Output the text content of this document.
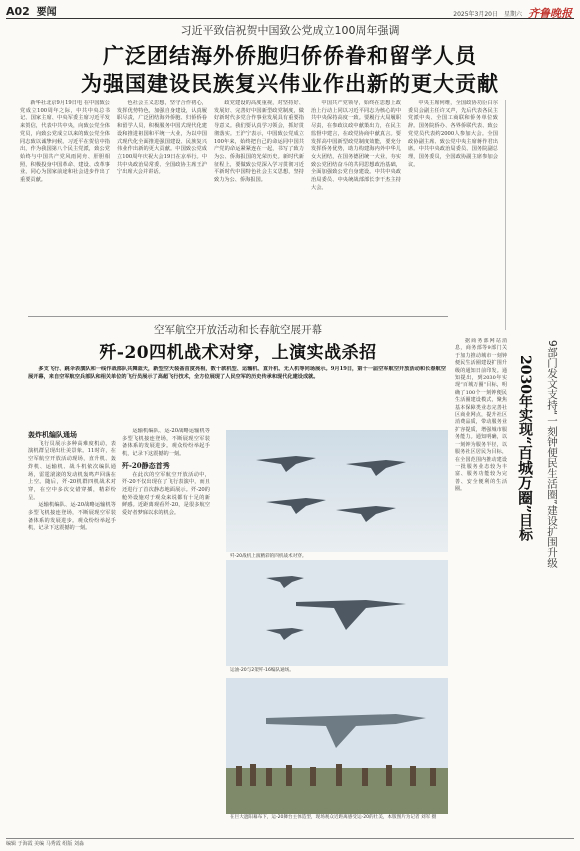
A02 要闻	2025年3月20日 星期六 齐鲁晚报
习近平致信祝贺中国致公党成立100周年强调
广泛团结海外侨胞归侨侨眷和留学人员
为强国建设民族复兴伟业作出新的更大贡献

新华社北京9月19日电 在中国致公党成立100周年之际，中共中央总书记、国家主席、中央军委主席习近平发来贺信，代表中共中央，向致公党全体党员，向致公党成立以来的致公党全体同志致以诚挚问候。习近平在贺信中指出，作为我国第八个民主党派，致公党始终与中国共产党风雨同舟、肝胆相照，积极投身中国革命、建设、改革事业，同心为国家前途和社会进步作出了重要贡献。

色社会主义思想，坚守合作初心，发挥优势特色，加强自身建设，认真履职尽责，广泛团结海外侨胞、归侨侨眷和留学人员，积极服务中国式现代化建设和推进祖国和平统一大业，为以中国式现代化全面推进强国建设、民族复兴伟业作出新的更大贡献。中国致公党成立100周年庆祝大会19日在京举行。中共中央政治局常委、全国政协主席王沪宁出席大会并讲话。

政党建设的高度重视，对坚持好、发展好、完善好中国新型政党制度，做好新时代多党合作事业发展具有重要指导意义。我们要认真学习领会，抓好贯彻落实。王沪宁表示，中国致公党成立100年来，始终把自己的命运同中国共产党的命运紧紧连在一起，书写了致力为公、侨海报国的光荣历史。新时代新征程上，要做致公党深入学习贯彻习近平新时代中国特色社会主义思想，坚持致力为公、侨海报国。

中国共产党领导，始终在思想上政治上行动上同以习近平同志为核心的中共中央保持高度一致。要履行大局履职尽责，在参政议政中献策出力，在民主监督中建言，在政党协商中献真言。要发挥高中国新型政党制度效能，要充分发挥侨务优势，助力构建海内外中华儿女大团结，在国务德团统一大业，夯实致公党团结奋斗的共同思想政治基础，全面加强致公党自身建设。中共中央政治局委员、中央统战部部长李干杰主持大会。

中央主席何维，全国政协功臣白尔委员会副主任许又声，先后代表各民主党派中央、全国工商联和侨务单位致辞。国务院侨办、各界侨联代表、致公党党员代表约2000人参加大会。全国政协副主席、致公党中央主席蒋作君出席。中共中央政治局委员、国务院副总理，国务委员，全国政协副主席参加会议。

9部门发文支持“一刻钟便民生活圈”建设扩围升级
2030年实现“百城万圈”目标

据商务部网站消息，商务部等9部门关于加力推动城市一刻钟便民生活圈建设扩围升级的通知日前印发。通知提出，到2030年实现“百城万圈”目标，明确了100个一刻钟便民生活圈建设模式，聚焦基本保障类业态完善社区商业网点，提升社区消费品质，带动服务业扩容提质，增强城市服务能力。通知明确，以一刻钟为服务半径，以服务社区居民为目标，在全国范围内推动建设一批服务业态较为丰富、服务功能较为完善、安全便利的生活圈。

空军航空开放活动和长春航空展开幕
歼-20四机战术对穿，上演实战杀招

多支飞行、跳伞表演队和一线作战部队共舞蓝天，新型空天装备首度亮相，数十款机型、运输机、直升机、无人机等同场展示。9月19日，第十一届空军航空开放活动和长春航空展开幕，来自空军航空兵部队和相关单位的飞行员展示了高超飞行技术，全方位展现了人民空军的历史传承和现代化建设成就。

轰炸机编队通场

飞行员展示多种高难度机动，表演机群呈现出壮美景象。11时许，在空军航空开放活动现场，直升机、轰炸机、运输机、战斗机依次编队通场，雷霆滚滚的发动机轰鸣声回荡在上空。随后，歼-20机群四机战术对穿，在空中多次交错穿插，精彩纷呈。

运输机编队、运-20战略运输机等多型飞机接连登场，不断展现空军装备体系的发展进步。观众纷纷举起手机，记录下这震撼的一刻。

运输机编队、运-20战略运输机等多型飞机接连登场，不断展现空军装备体系的发展进步。观众纷纷举起手机，记录下这震撼的一刻。

歼-20静态首秀

在此次的空军航空开放活动中，歼-20不仅出现在了飞行表演中，而且还进行了首次静态地面展示。歼-20的舱外设施对于观众来说都有十足的新鲜感。近距离观看歼-20，是很多航空爱好者梦寐以求的机会。

歼-20战机上演精彩的四机战术对穿。
运油-20与2架歼-16编队通场。
在巨大遮阳幕布下，运-20舞台主体造型，现场观众近距离感受运-20的壮美，本版图片为记者 刘军 摄
编辑 于海霞 美编 马秀霞 组版 刘淼
